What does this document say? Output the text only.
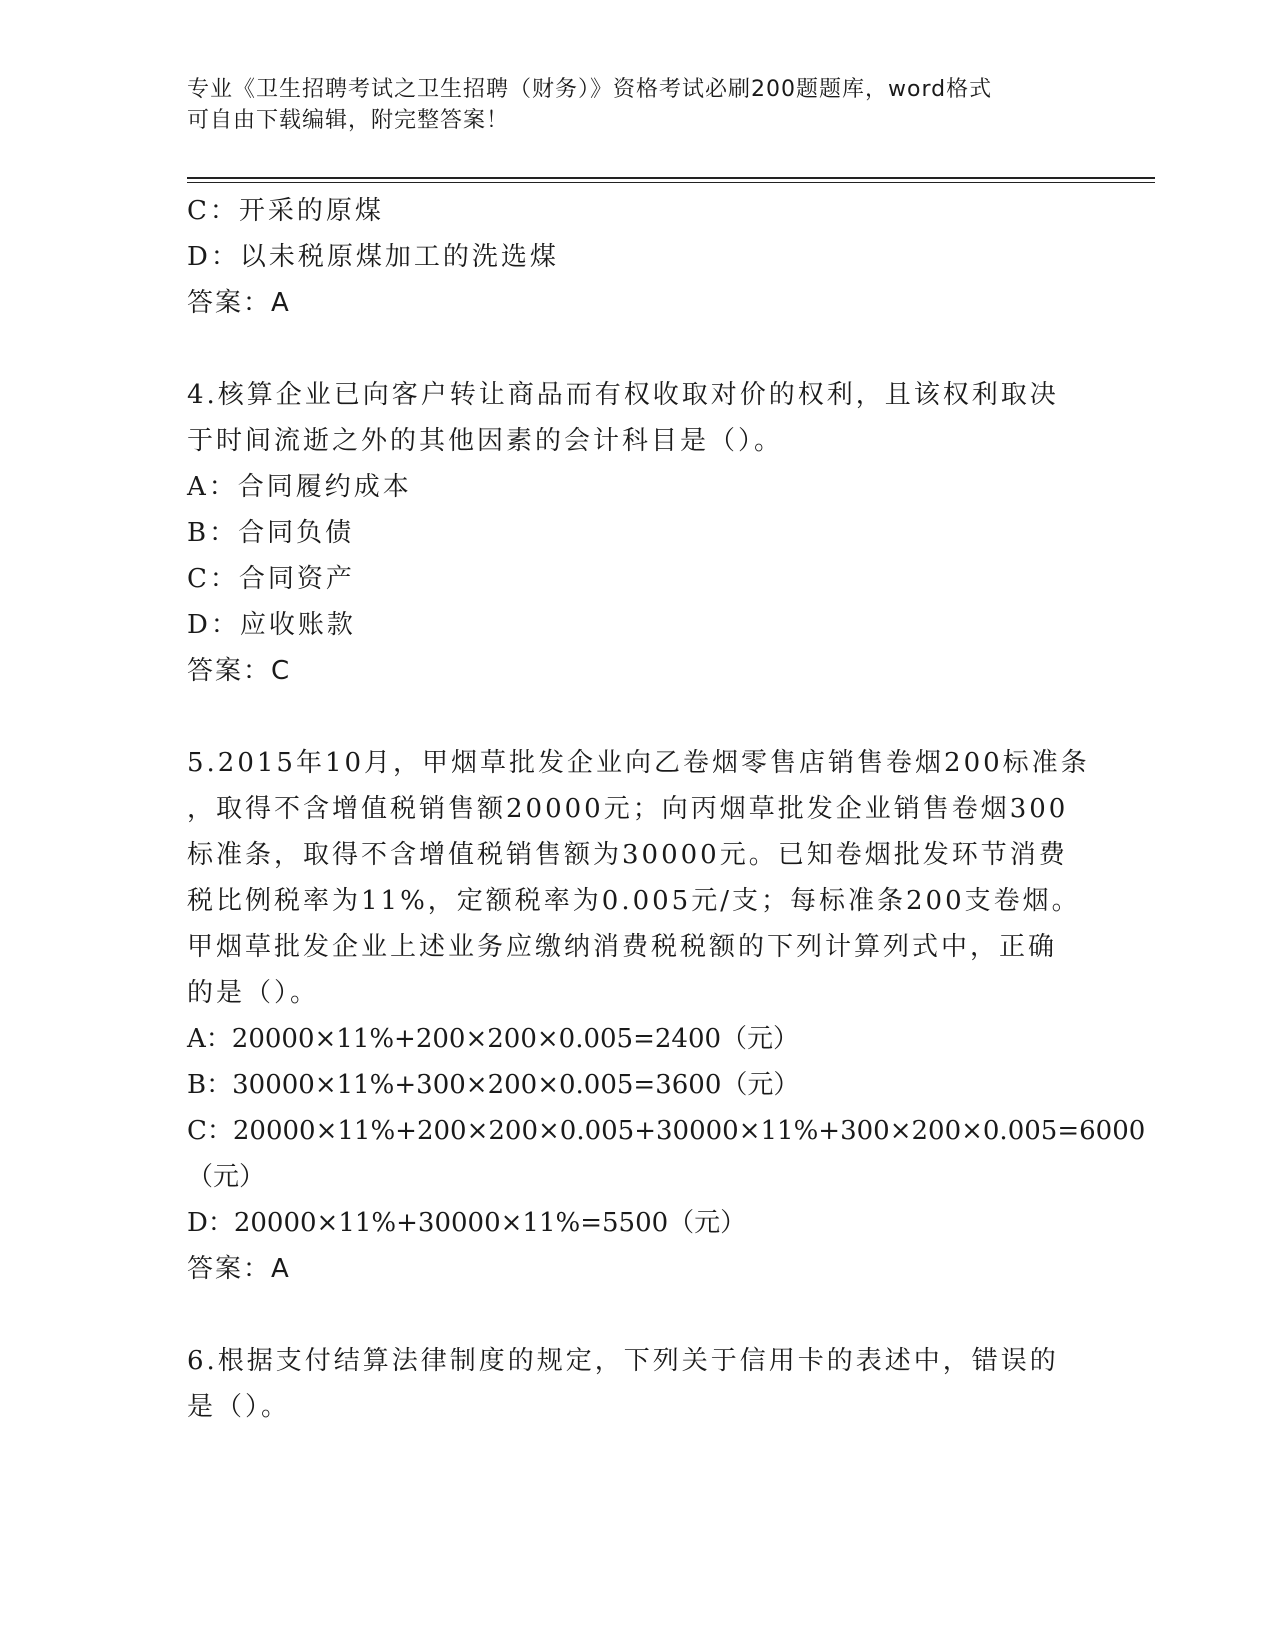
专业《卫生招聘考试之卫生招聘（财务）》资格考试必刷200题题库，word格式
可自由下载编辑，附完整答案！
C：开采的原煤
D：以未税原煤加工的洗选煤
答案：A
4.核算企业已向客户转让商品而有权收取对价的权利，且该权利取决
于时间流逝之外的其他因素的会计科目是（）。
A：合同履约成本
B：合同负债
C：合同资产
D：应收账款
答案：C
5.2015年10月，甲烟草批发企业向乙卷烟零售店销售卷烟200标准条
，取得不含增值税销售额20000元；向丙烟草批发企业销售卷烟300
标准条，取得不含增值税销售额为30000元。已知卷烟批发环节消费
税比例税率为11%，定额税率为0.005元/支；每标准条200支卷烟。
甲烟草批发企业上述业务应缴纳消费税税额的下列计算列式中，正确
的是（）。
A：20000×11%+200×200×0.005=2400（元）
B：30000×11%+300×200×0.005=3600（元）
C：20000×11%+200×200×0.005+30000×11%+300×200×0.005=6000
（元）
D：20000×11%+30000×11%=5500（元）
答案：A
6.根据支付结算法律制度的规定，下列关于信用卡的表述中，错误的
是（）。
